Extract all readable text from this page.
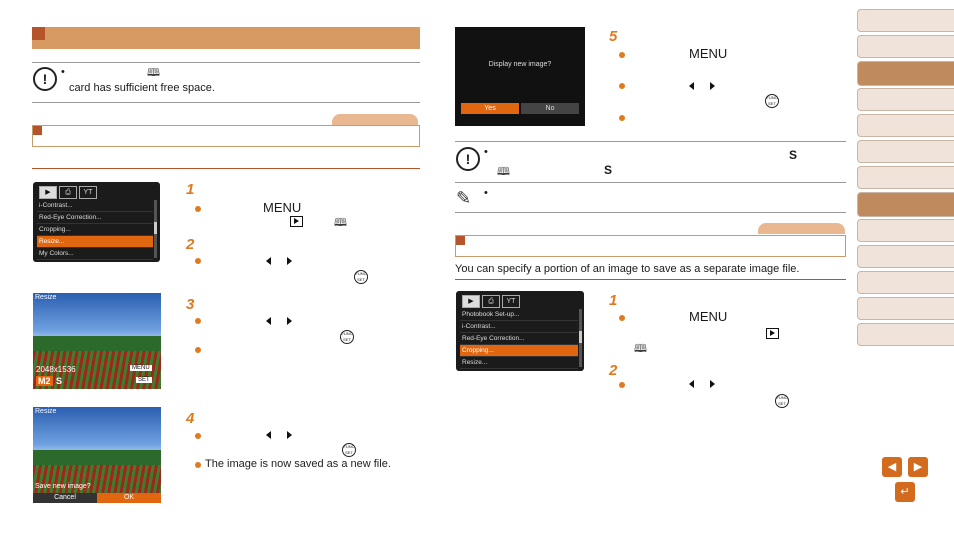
!	•	🕮
card has sufficient free space.
▶	⎙	YT
i-Contrast...
Red-Eye Correction...
Cropping...
Resize...
My Colors...
1
MENU
🕮
2
FUNC
SET
Resize
2048x1536	MENU
M2 S	SET
3
FUNC
SET
Resize
Save new image?
Cancel	OK
4
FUNC
SET
The image is now saved as a new file.
Display new image?
Yes	No
5
MENU
FUNC
SET
!	•	S
🕮	S
✎ •
You can specify a portion of an image to save as a separate image file.
▶	⎙	YT
Photobook Set-up...
i-Contrast...
Red-Eye Correction...
Cropping...
Resize...
1
MENU
🕮
2
FUNC
SET
◀	▶
↵
